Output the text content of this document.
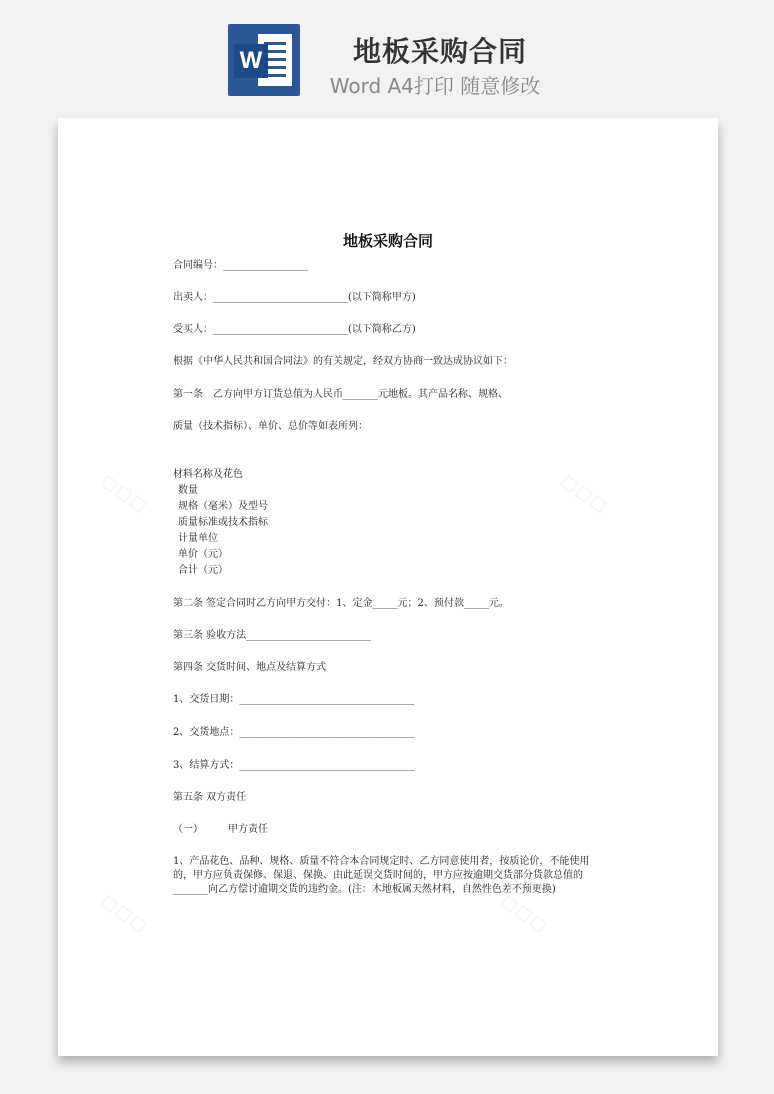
W	地板采购合同
Word A4打印 随意修改
地板采购合同
合同编号：_________________
出卖人：___________________________(以下简称甲方)
受买人：___________________________(以下简称乙方)
根据《中华人民共和国合同法》的有关规定，经双方协商一致达成协议如下：
第一条　乙方向甲方订货总值为人民币_______元地板。其产品名称、规格、
质量（技术指标）、单价、总价等如表所列：
材料名称及花色
数量
规格（毫米）及型号
质量标准或技术指标
计量单位
单价（元）
合计（元）
第二条 签定合同时乙方向甲方交付：1、定金_____元；2、预付款_____元。
第三条 验收方法_________________________
第四条 交货时间、地点及结算方式
1、交货日期：___________________________________
2、交货地点：___________________________________
3、结算方式：___________________________________
第五条 双方责任
（一）　　　甲方责任
1、产品花色、品种、规格、质量不符合本合同规定时、乙方同意使用者，按质论价，不能使用的，甲方应负责保修、保退、保换、由此延误交货时间的，甲方应按逾期交货部分货款总值的_______向乙方偿讨逾期交货的违约金。(注：木地板属天然材料，自然性色差不预更换)
